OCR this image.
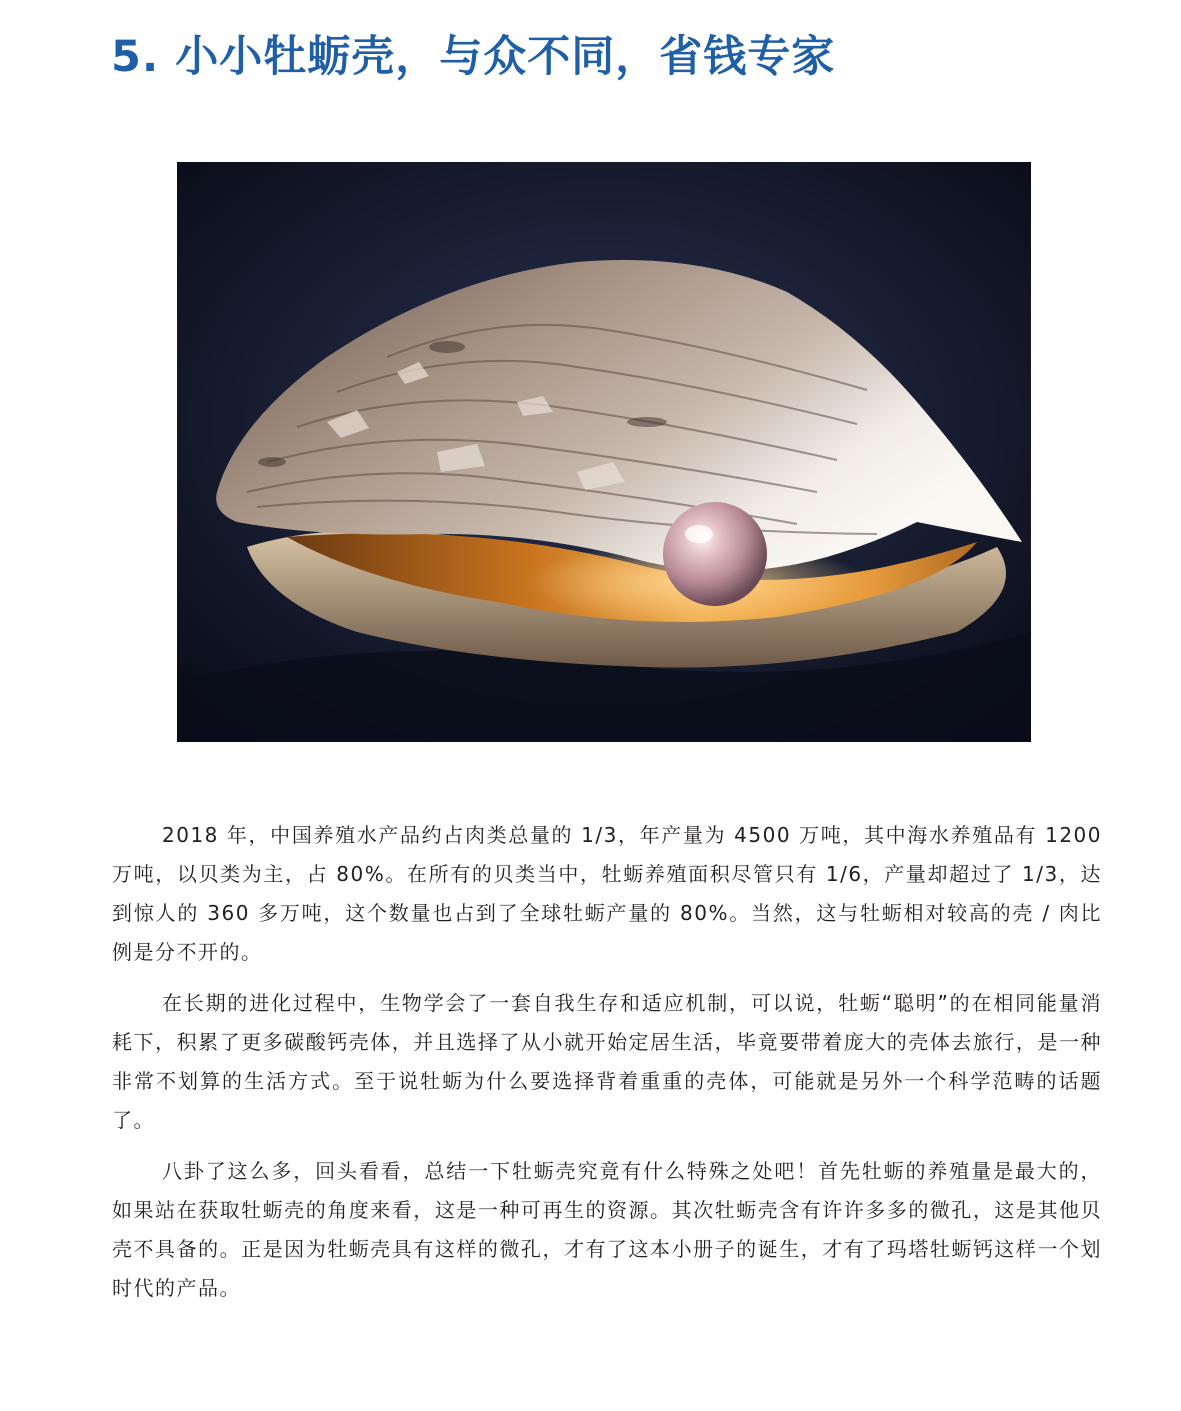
5. 小小牡蛎壳，与众不同，省钱专家

2018 年，中国养殖水产品约占肉类总量的 1/3，年产量为 4500 万吨，其中海水养殖品有 1200 万吨，以贝类为主，占 80%。在所有的贝类当中，牡蛎养殖面积尽管只有 1/6，产量却超过了 1/3，达到惊人的 360 多万吨，这个数量也占到了全球牡蛎产量的 80%。当然，这与牡蛎相对较高的壳 / 肉比例是分不开的。

在长期的进化过程中，生物学会了一套自我生存和适应机制，可以说，牡蛎“聪明”的在相同能量消耗下，积累了更多碳酸钙壳体，并且选择了从小就开始定居生活，毕竟要带着庞大的壳体去旅行，是一种非常不划算的生活方式。至于说牡蛎为什么要选择背着重重的壳体，可能就是另外一个科学范畴的话题了。

八卦了这么多，回头看看，总结一下牡蛎壳究竟有什么特殊之处吧！首先牡蛎的养殖量是最大的，如果站在获取牡蛎壳的角度来看，这是一种可再生的资源。其次牡蛎壳含有许许多多的微孔，这是其他贝壳不具备的。正是因为牡蛎壳具有这样的微孔，才有了这本小册子的诞生，才有了玛塔牡蛎钙这样一个划时代的产品。
